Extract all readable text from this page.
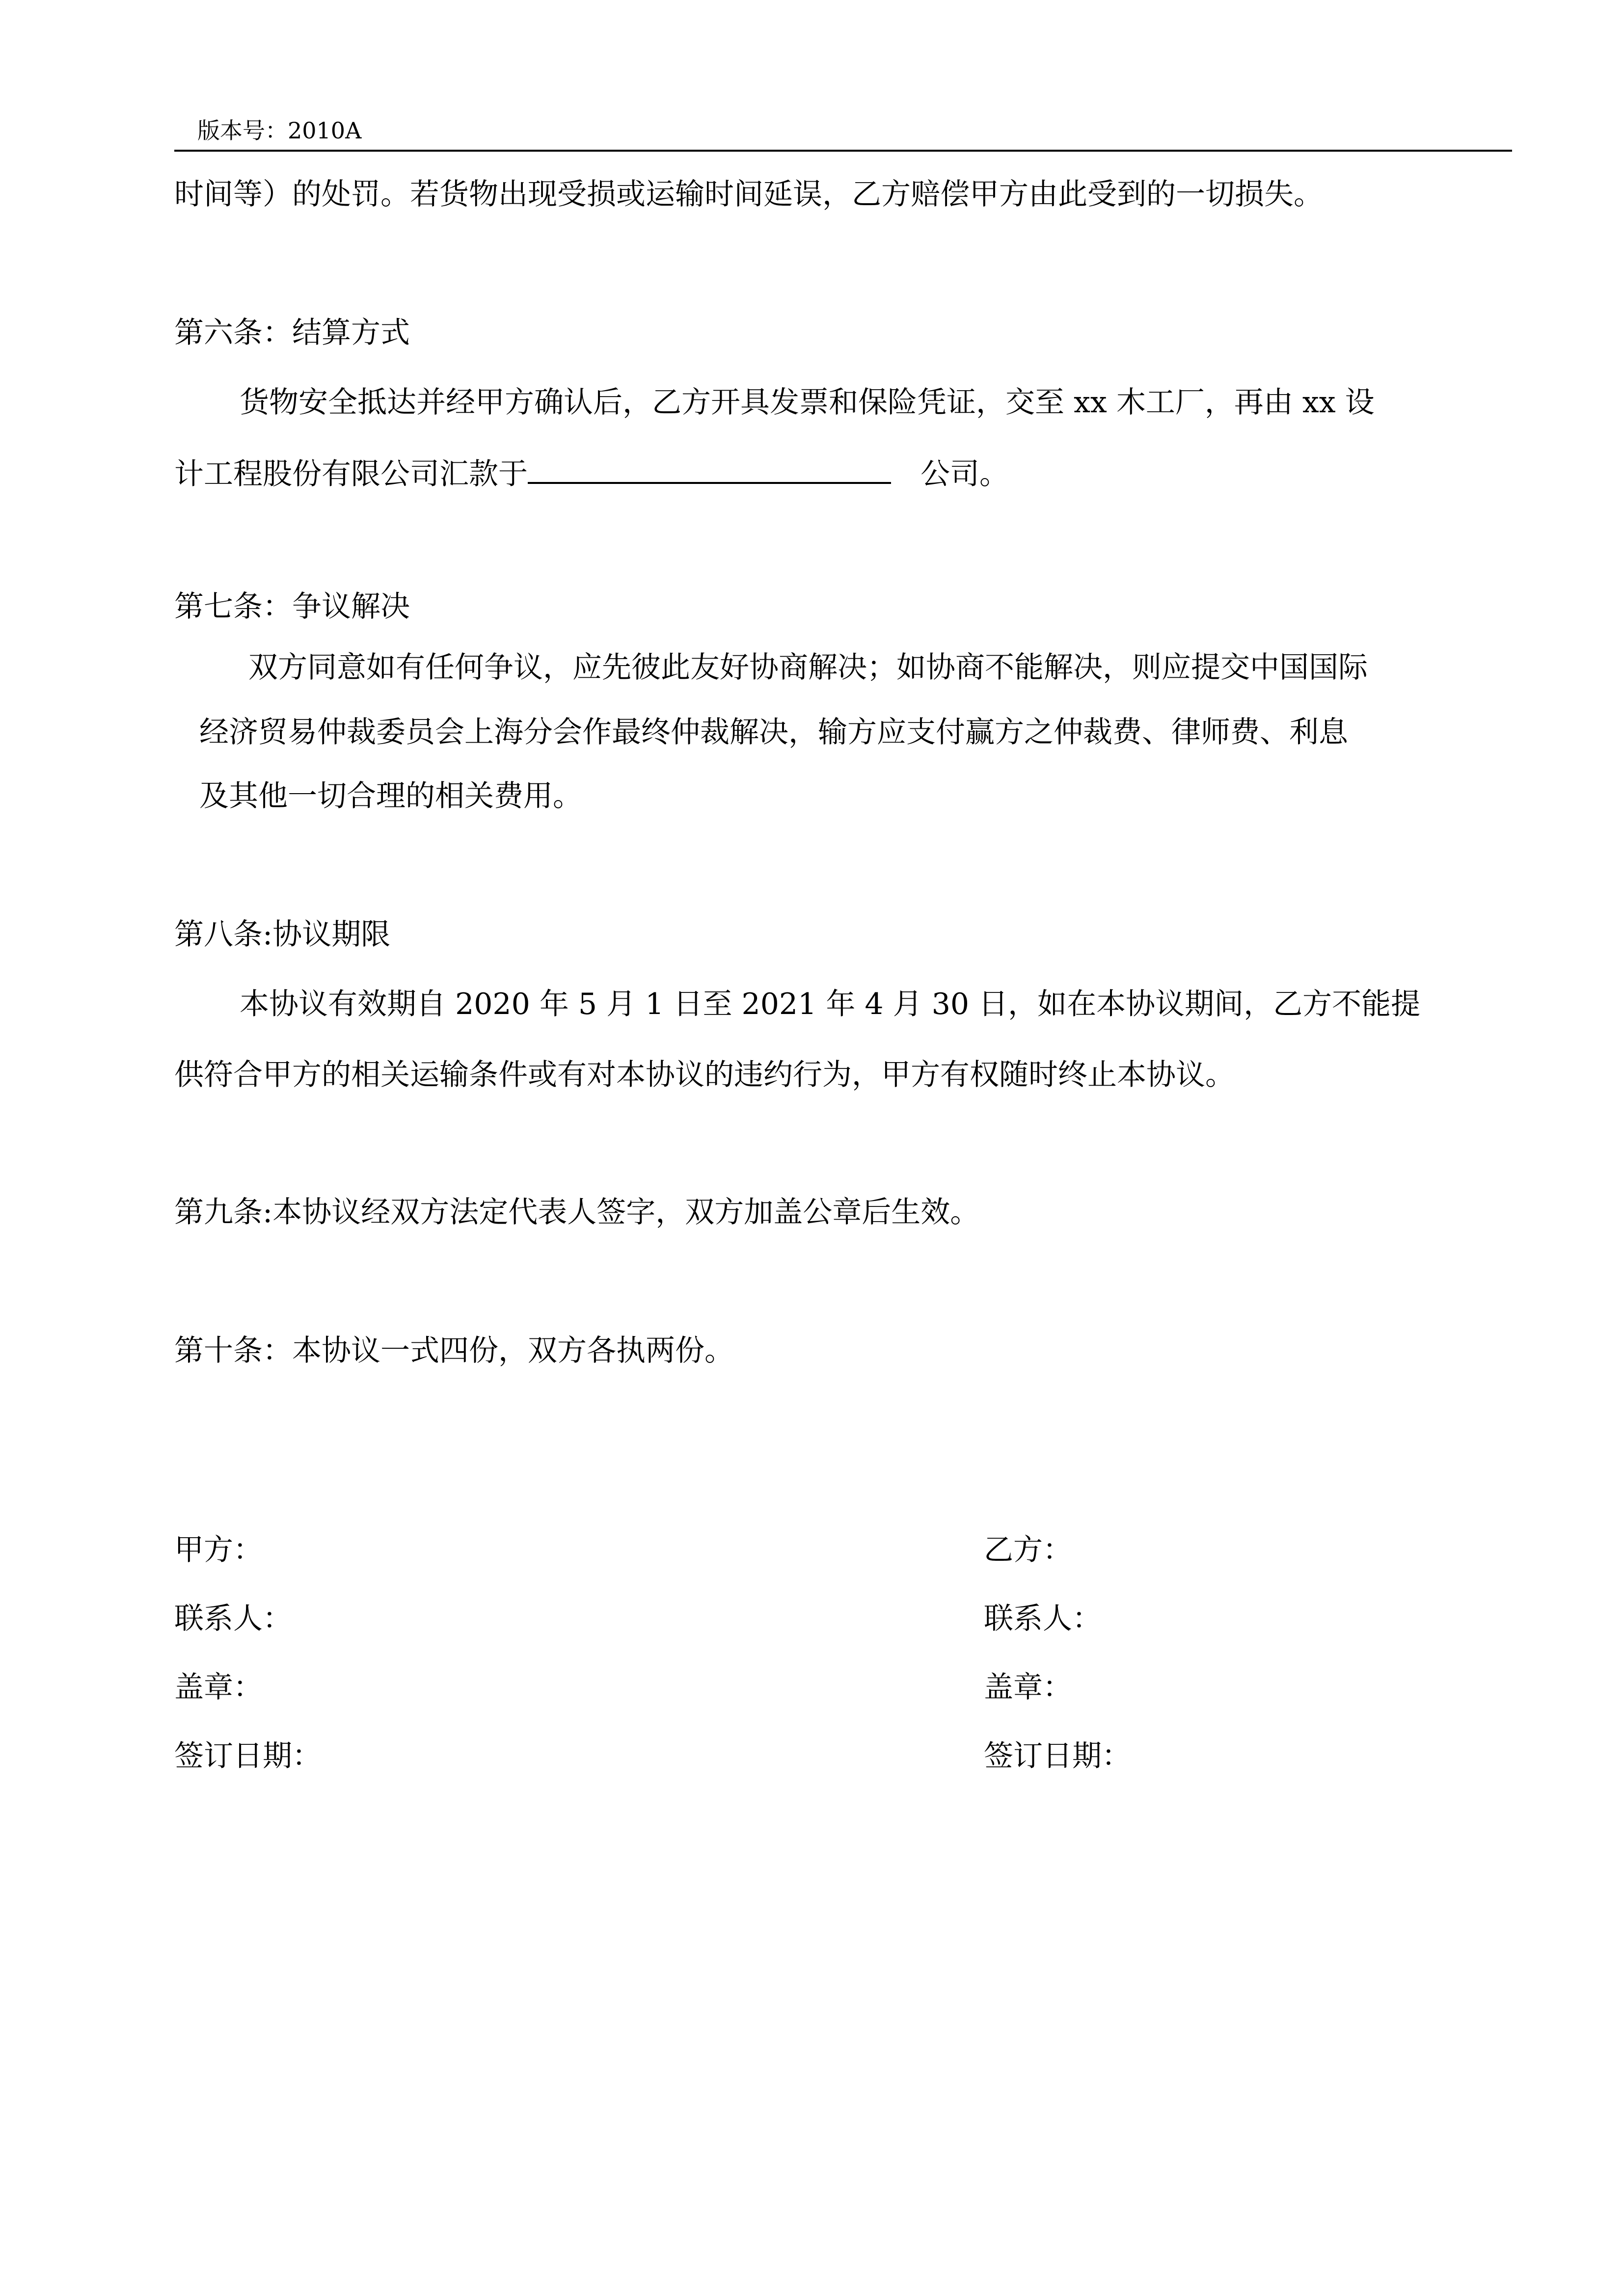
版本号：2010A
时间等）的处罚。若货物出现受损或运输时间延误，乙方赔偿甲方由此受到的一切损失。
第六条：结算方式
货物安全抵达并经甲方确认后，乙方开具发票和保险凭证，交至 xx 木工厂，再由 xx 设
计工程股份有限公司汇款于	公司。
第七条：争议解决
双方同意如有任何争议，应先彼此友好协商解决；如协商不能解决，则应提交中国国际
经济贸易仲裁委员会上海分会作最终仲裁解决，输方应支付赢方之仲裁费、律师费、利息
及其他一切合理的相关费用。
第八条:协议期限
本协议有效期自 2020 年 5 月 1 日至 2021 年 4 月 30 日，如在本协议期间，乙方不能提
供符合甲方的相关运输条件或有对本协议的违约行为，甲方有权随时终止本协议。
第九条:本协议经双方法定代表人签字，双方加盖公章后生效。
第十条：本协议一式四份，双方各执两份。
甲方：
联系人：
盖章：
签订日期：
乙方：
联系人：
盖章：
签订日期：
